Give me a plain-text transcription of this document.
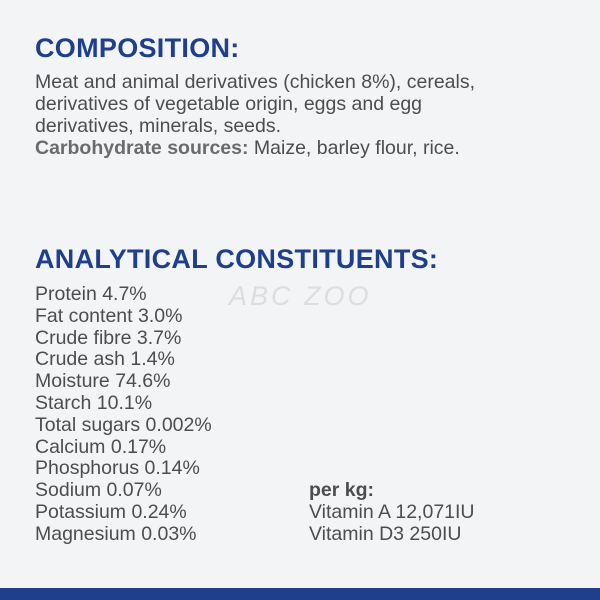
COMPOSITION:

Meat and animal derivatives (chicken 8%), cereals,
derivatives of vegetable origin, eggs and egg
derivatives, minerals, seeds.
Carbohydrate sources: Maize, barley flour, rice.

ANALYTICAL CONSTITUENTS:
ABC ZOO
Protein 4.7%
Fat content 3.0%
Crude fibre 3.7%
Crude ash 1.4%
Moisture 74.6%
Starch 10.1%
Total sugars 0.002%
Calcium 0.17%
Phosphorus 0.14%
Sodium 0.07%
Potassium 0.24%
Magnesium 0.03%
per kg:
Vitamin A 12,071IU
Vitamin D3 250IU
